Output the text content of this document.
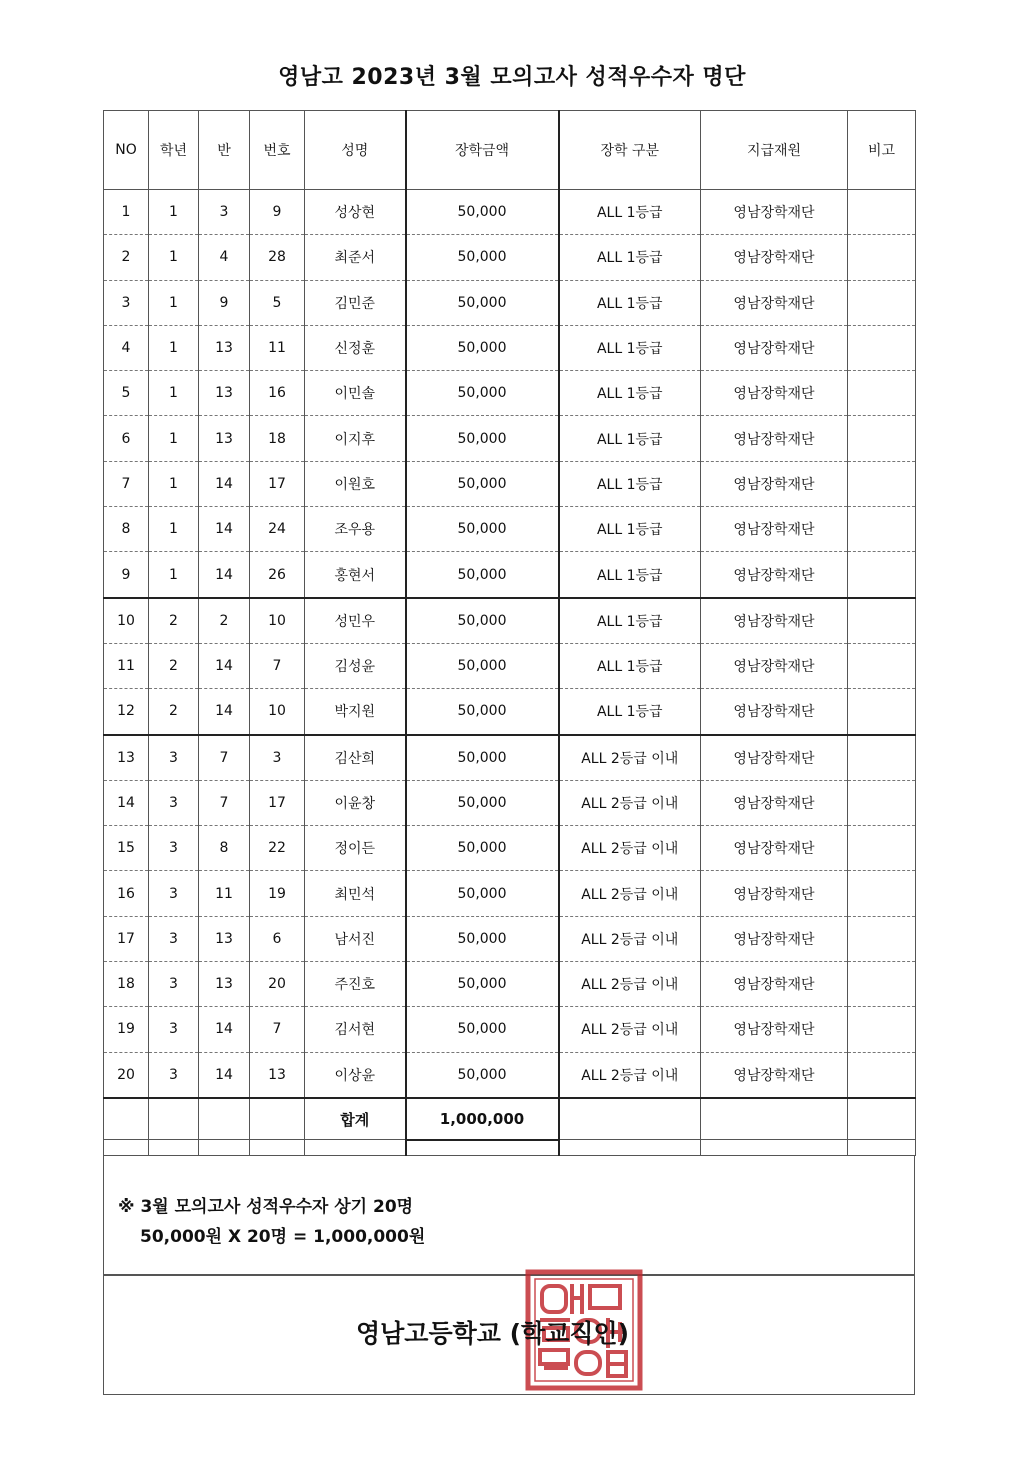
영남고 2023년 3월 모의고사 성적우수자 명단
NO	학년	반	번호	성명	장학금액	장학 구분	지급재원	비고
1	1	3	9	성상현	50,000	ALL 1등급	영남장학재단	
2	1	4	28	최준서	50,000	ALL 1등급	영남장학재단	
3	1	9	5	김민준	50,000	ALL 1등급	영남장학재단	
4	1	13	11	신정훈	50,000	ALL 1등급	영남장학재단	
5	1	13	16	이민솔	50,000	ALL 1등급	영남장학재단	
6	1	13	18	이지후	50,000	ALL 1등급	영남장학재단	
7	1	14	17	이원호	50,000	ALL 1등급	영남장학재단	
8	1	14	24	조우용	50,000	ALL 1등급	영남장학재단	
9	1	14	26	홍현서	50,000	ALL 1등급	영남장학재단	
10	2	2	10	성민우	50,000	ALL 1등급	영남장학재단	
11	2	14	7	김성윤	50,000	ALL 1등급	영남장학재단	
12	2	14	10	박지원	50,000	ALL 1등급	영남장학재단	
13	3	7	3	김산희	50,000	ALL 2등급 이내	영남장학재단	
14	3	7	17	이윤창	50,000	ALL 2등급 이내	영남장학재단	
15	3	8	22	정이든	50,000	ALL 2등급 이내	영남장학재단	
16	3	11	19	최민석	50,000	ALL 2등급 이내	영남장학재단	
17	3	13	6	남서진	50,000	ALL 2등급 이내	영남장학재단	
18	3	13	20	주진호	50,000	ALL 2등급 이내	영남장학재단	
19	3	14	7	김서현	50,000	ALL 2등급 이내	영남장학재단	
20	3	14	13	이상윤	50,000	ALL 2등급 이내	영남장학재단	
				합계	1,000,000			

※ 3월 모의고사 성적우수자 상기 20명
50,000원 X 20명 = 1,000,000원
영남고등학교 (학교직인)
